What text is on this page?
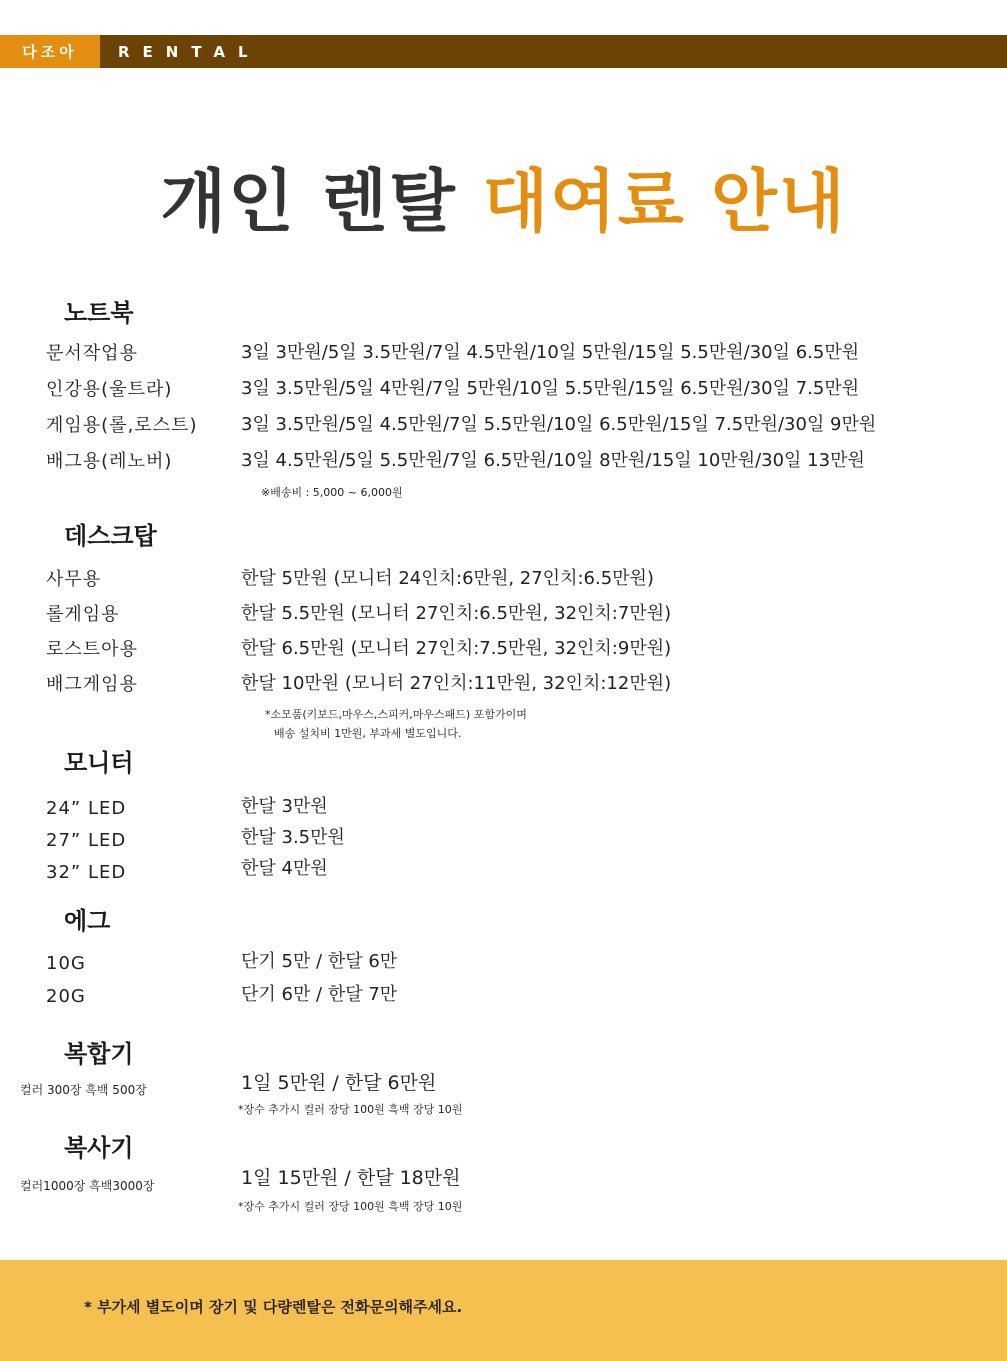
다조아	RENTAL
개인 렌탈 대여료 안내
노트북
문서작업용	3일 3만원/5일 3.5만원/7일 4.5만원/10일 5만원/15일 5.5만원/30일 6.5만원
인강용(울트라)	3일 3.5만원/5일 4만원/7일 5만원/10일 5.5만원/15일 6.5만원/30일 7.5만원
게임용(롤,로스트) 3일 3.5만원/5일 4.5만원/7일 5.5만원/10일 6.5만원/15일 7.5만원/30일 9만원
배그용(레노버)	3일 4.5만원/5일 5.5만원/7일 6.5만원/10일 8만원/15일 10만원/30일 13만원
※배송비 : 5,000 ~ 6,000원
데스크탑
사무용	한달 5만원 (모니터 24인치:6만원, 27인치:6.5만원)
롤게임용	한달 5.5만원 (모니터 27인치:6.5만원, 32인치:7만원)
로스트아용	한달 6.5만원 (모니터 27인치:7.5만원, 32인치:9만원)
배그게임용	한달 10만원 (모니터 27인치:11만원, 32인치:12만원)
*소모품(키보드,마우스,스피커,마우스패드) 포함가이며
배송 설치비 1만원, 부과세 별도입니다.
모니터
24” LED	한달 3만원
27” LED	한달 3.5만원
32” LED	한달 4만원
에그
10G	단기 5만 / 한달 6만
20G	단기 6만 / 한달 7만
복합기
컬러 300장 흑백 500장	1일 5만원 / 한달 6만원
*장수 추가시 컬러 장당 100원 흑백 장당 10원
복사기
컬러1000장 흑백3000장	1일 15만원 / 한달 18만원
*장수 추가시 컬러 장당 100원 흑백 장당 10원
* 부가세 별도이며 장기 및 다량렌탈은 전화문의해주세요.
